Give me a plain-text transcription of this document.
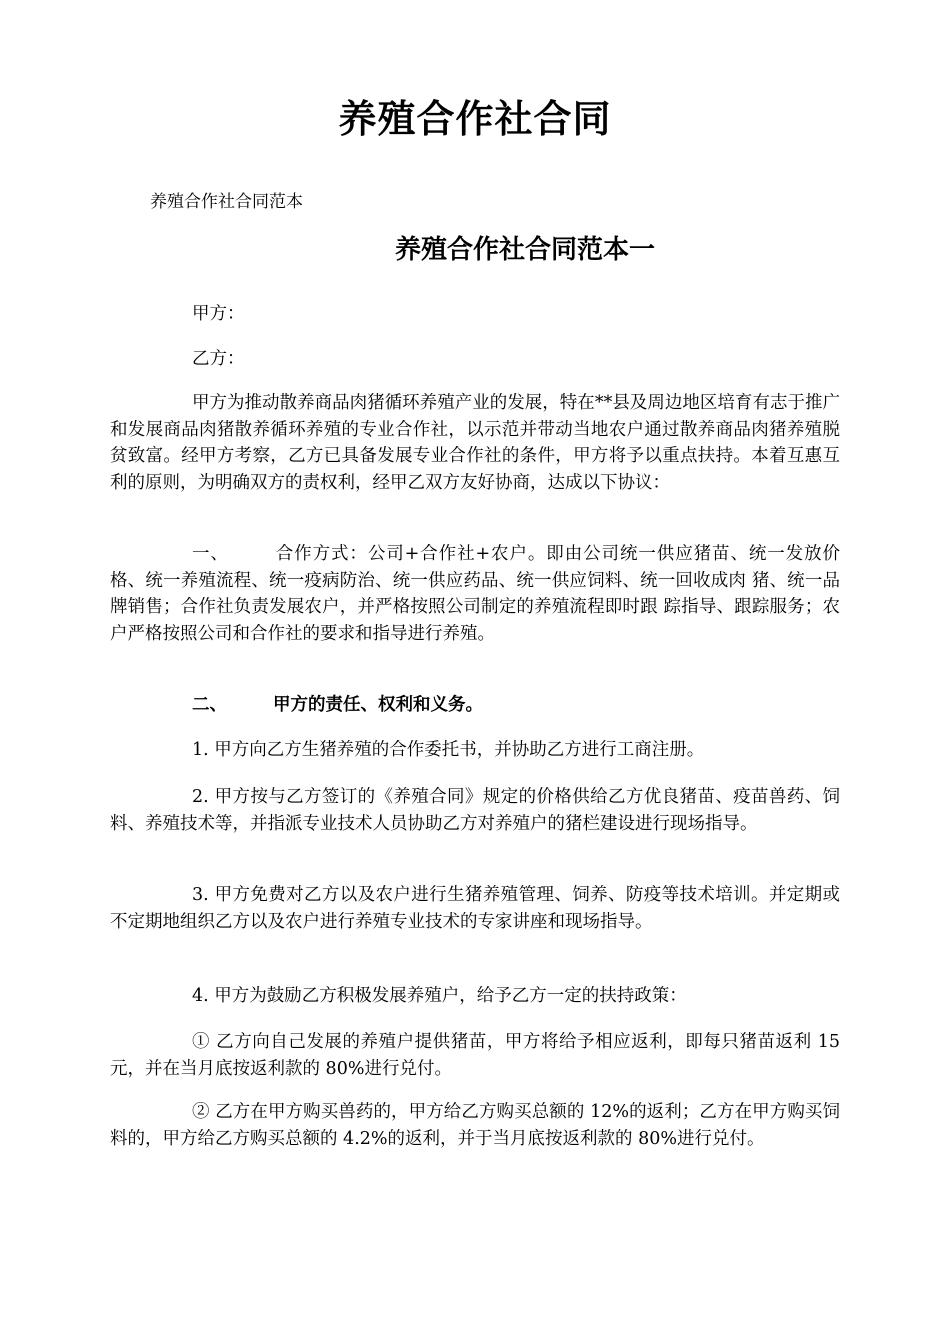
养殖合作社合同
养殖合作社合同范本
养殖合作社合同范本一
甲方：
乙方：
甲方为推动散养商品肉猪循环养殖产业的发展，特在**县及周边地区培育有志于推广和发展商品肉猪散养循环养殖的专业合作社，以示范并带动当地农户通过散养商品肉猪养殖脱贫致富。经甲方考察，乙方已具备发展专业合作社的条件，甲方将予以重点扶持。本着互惠互利的原则，为明确双方的责权利，经甲乙双方友好协商，达成以下协议：
一、	合作方式：公司+合作社+农户。即由公司统一供应猪苗、统一发放价 格、统一养殖流程、统一疫病防治、统一供应药品、统一供应饲料、统一回收成肉 猪、统一品牌销售；合作社负责发展农户，并严格按照公司制定的养殖流程即时跟 踪指导、跟踪服务；农户严格按照公司和合作社的要求和指导进行养殖。
二、	甲方的责任、权利和义务。
1. 甲方向乙方生猪养殖的合作委托书，并协助乙方进行工商注册。
2. 甲方按与乙方签订的《养殖合同》规定的价格供给乙方优良猪苗、疫苗兽药、饲料、养殖技术等，并指派专业技术人员协助乙方对养殖户的猪栏建设进行现场指导。
3. 甲方免费对乙方以及农户进行生猪养殖管理、饲养、防疫等技术培训。并定期或不定期地组织乙方以及农户进行养殖专业技术的专家讲座和现场指导。
4. 甲方为鼓励乙方积极发展养殖户，给予乙方一定的扶持政策：
① 乙方向自己发展的养殖户提供猪苗，甲方将给予相应返利，即每只猪苗返利 15 元，并在当月底按返利款的 80%进行兑付。
② 乙方在甲方购买兽药的，甲方给乙方购买总额的 12%的返利；乙方在甲方购买饲料的，甲方给乙方购买总额的 4.2%的返利，并于当月底按返利款的 80%进行兑付。
